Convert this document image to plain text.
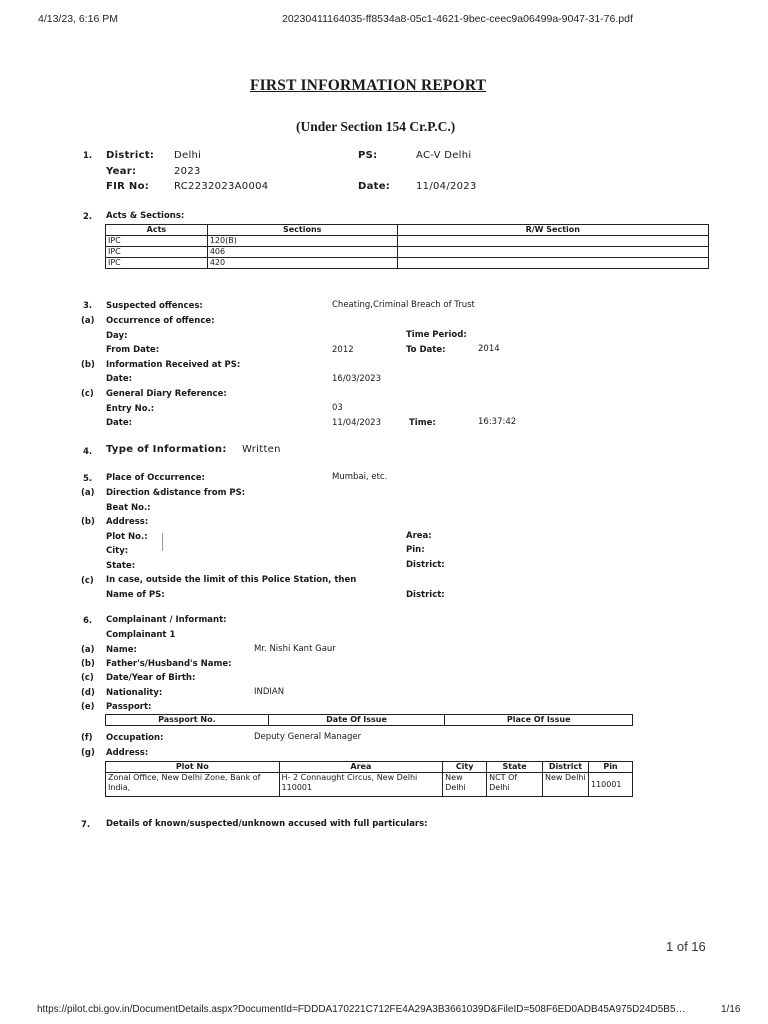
4/13/23, 6:16 PM	20230411164035-ff8534a8-05c1-4621-9bec-ceec9a06499a-9047-31-76.pdf
FIRST INFORMATION REPORT
(Under Section 154 Cr.P.C.)
1. District: Delhi	PS:	AC-V Delhi
Year:	2023
FIR No: RC2232023A0004	Date:	11/04/2023
2. Acts & Sections:
Acts	Sections	R/W Section
IPC	120(B)	
IPC	406	
IPC	420	
3. Suspected offences:	Cheating,Criminal Breach of Trust
(a) Occurrence of offence:
Day:	Time Period:
From Date:	2012	To Date:	2014
(b) Information Received at PS:
Date:	16/03/2023
(c) General Diary Reference:
Entry No.:	03
Date:	11/04/2023	Time:	16:37:42
4. Type of Information: Written
5. Place of Occurrence:	Mumbai, etc.
(a) Direction &distance from PS:
Beat No.:
(b) Address:
Plot No.:	Area:
City:	Pin:
State:	District:
(c) In case, outside the limit of this Police Station, then
Name of PS:	District:
6. Complainant / Informant:
Complainant 1
(a) Name:	Mr. Nishi Kant Gaur
(b) Father's/Husband's Name:
(c) Date/Year of Birth:
(d) Nationality:	INDIAN
(e) Passport:
Passport No.	Date Of Issue	Place Of Issue
(f) Occupation:	Deputy General Manager
(g) Address:
Plot No	Area	City	State	District	Pin
Zonal Office, New Delhi Zone, Bank of India,	H- 2 Connaught Circus, New Delhi 110001	New Delhi	NCT Of Delhi	New Delhi	110001
7. Details of known/suspected/unknown accused with full particulars:
1 of 16
https://pilot.cbi.gov.in/DocumentDetails.aspx?DocumentId=FDDDA170221C712FE4A29A3B3661039D&FileID=508F6ED0ADB45A975D24D5B5…	1/16
